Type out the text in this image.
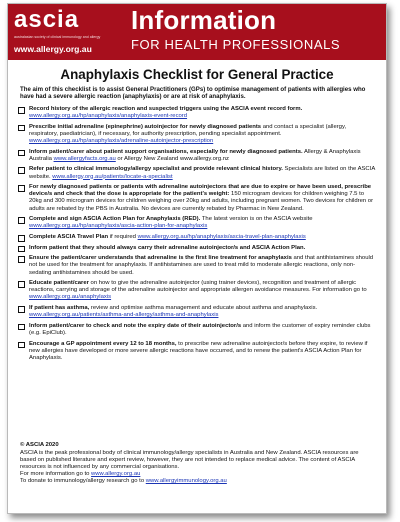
ascia
australasian society of clinical immunology and allergy
www.allergy.org.au
Information
FOR HEALTH PROFESSIONALS
Anaphylaxis Checklist for General Practice
The aim of this checklist is to assist General Practitioners (GPs) to optimise management of patients with allergies who have had a severe allergic reaction (anaphylaxis) or are at risk of anaphylaxis.
Record history of the allergic reaction and suspected triggers using the ASCIA event record form. www.allergy.org.au/hp/anaphylaxis/anaphylaxis-event-record
Prescribe initial adrenaline (epinephrine) autoinjector for newly diagnosed patients and contact a specialist (allergy, respiratory, paediatrician), if necessary, for authority prescription, pending specialist appointment. www.allergy.org.au/hp/anaphylaxis/adrenaline-autoinjector-prescription
Inform patient/carer about patient support organisations, especially for newly diagnosed patients. Allergy & Anaphylaxis Australia www.allergyfacts.org.au or Allergy New Zealand www.allergy.org.nz
Refer patient to clinical immunology/allergy specialist and provide relevant clinical history. Specialists are listed on the ASCIA website. www.allergy.org.au/patients/locate-a-specialist
For newly diagnosed patients or patients with adrenaline autoinjectors that are due to expire or have been used, prescribe device/s and check that the dose is appropriate for the patient's weight: 150 microgram devices for children weighing 7.5 to 20kg and 300 microgram devices for children weighing over 20kg and adults, including pregnant women. Two devices for children or adults are rebated by the PBS in Australia. No devices are currently rebated by Pharmac in New Zealand.
Complete and sign ASCIA Action Plan for Anaphylaxis (RED). The latest version is on the ASCIA website www.allergy.org.au/hp/anaphylaxis/ascia-action-plan-for-anaphylaxis
Complete ASCIA Travel Plan if required www.allergy.org.au/hp/anaphylaxis/ascia-travel-plan-anaphylaxis
Inform patient that they should always carry their adrenaline autoinjector/s and ASCIA Action Plan.
Ensure the patient/carer understands that adrenaline is the first line treatment for anaphylaxis and that antihistamines should not be used for the treatment for anaphylaxis. If antihistamines are used to treat mild to moderate allergic reactions, only non-sedating antihistamines should be used.
Educate patient/carer on how to give the adrenaline autoinjector (using trainer devices), recognition and treatment of allergic reactions, carrying and storage of the adrenaline autoinjector and appropriate allergen avoidance measures. For information go to www.allergy.org.au/anaphylaxis
If patient has asthma, review and optimise asthma management and educate about asthma and anaphylaxis. www.allergy.org.au/patients/asthma-and-allergy/asthma-and-anaphylaxis
Inform patient/carer to check and note the expiry date of their autoinjector/s and inform the customer of expiry reminder clubs (e.g. EpiClub).
Encourage a GP appointment every 12 to 18 months, to prescribe new adrenaline autoinjector/s before they expire, to review if new allergies have developed or more severe allergic reactions have occurred, and to renew the patient's ASCIA Action Plan for Anaphylaxis.
© ASCIA 2020
ASCIA is the peak professional body of clinical immunology/allergy specialists in Australia and New Zealand. ASCIA resources are based on published literature and expert review, however, they are not intended to replace medical advice. The content of ASCIA resources is not influenced by any commercial organisations.
For more information go to www.allergy.org.au
To donate to immunology/allergy research go to www.allergyimmunology.org.au
